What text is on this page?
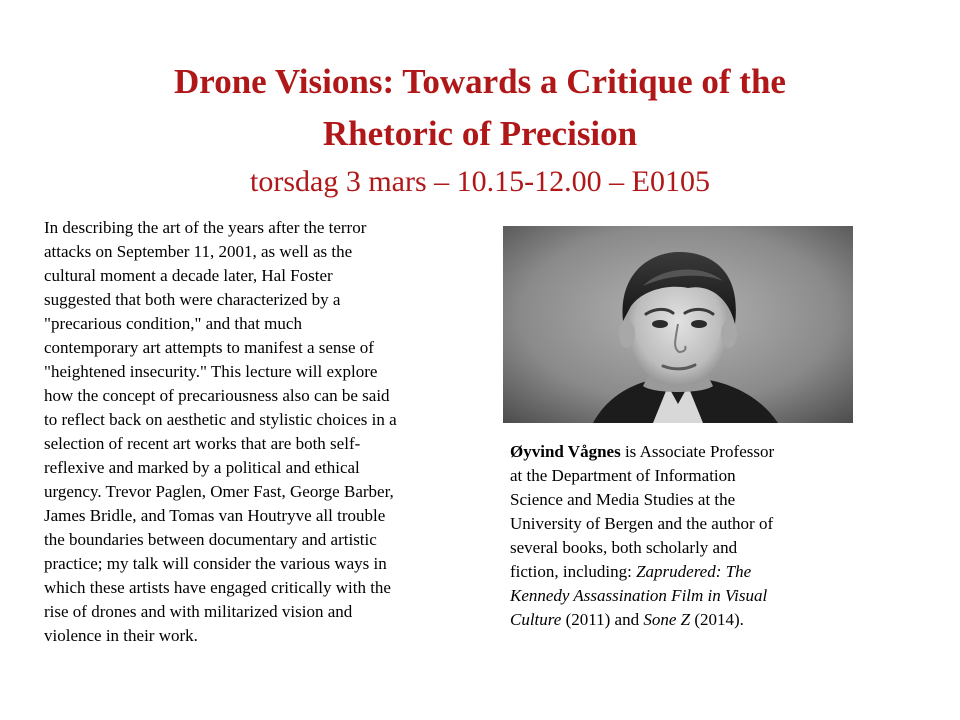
Drone Visions: Towards a Critique of the
Rhetoric of Precision

torsdag 3 mars – 10.15-12.00 – E0105

In describing the art of the years after the terror
attacks on September 11, 2001, as well as the
cultural moment a decade later, Hal Foster
suggested that both were characterized by a
"precarious condition," and that much
contemporary art attempts to manifest a sense of
"heightened insecurity." This lecture will explore
how the concept of precariousness also can be said
to reflect back on aesthetic and stylistic choices in a
selection of recent art works that are both self-
reflexive and marked by a political and ethical
urgency. Trevor Paglen, Omer Fast, George Barber,
James Bridle, and Tomas van Houtryve all trouble
the boundaries between documentary and artistic
practice; my talk will consider the various ways in
which these artists have engaged critically with the
rise of drones and with militarized vision and
violence in their work.

Øyvind Vågnes is Associate Professor
at the Department of Information
Science and Media Studies at the
University of Bergen and the author of
several books, both scholarly and
fiction, including: Zaprudered: The
Kennedy Assassination Film in Visual
Culture (2011) and Sone Z (2014).
